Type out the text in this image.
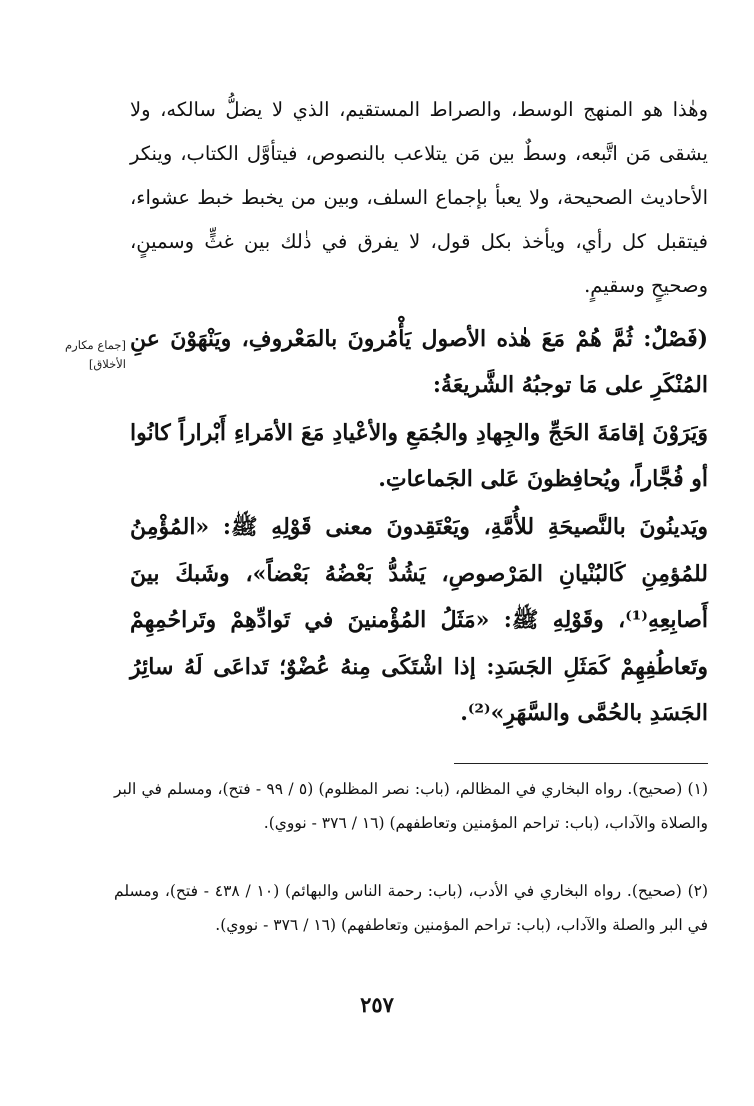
وهٰذا هو المنهج الوسط، والصراط المستقيم، الذي لا يضلُّ سالكه، ولا يشقى مَن اتَّبعه، وسطٌ بين مَن يتلاعب بالنصوص، فيتأوَّل الكتاب، وينكر الأحاديث الصحيحة، ولا يعبأ بإجماع السلف، وبين من يخبط خبط عشواء، فيتقبل كل رأي، ويأخذ بكل قول، لا يفرق في ذٰلك بين غثٍّ وسمينٍ، وصحيحٍ وسقيمٍ.
[جماع مكارم الأخلاق]
(فَصْلٌ: ثُمَّ هُمْ مَعَ هٰذه الأصول يَأْمُرونَ بالمَعْروفِ، ويَنْهَوْنَ عنِ المُنْكَرِ على مَا توجبُهُ الشَّريعَةُ:
وَيَرَوْنَ إقامَةَ الحَجِّ والجِهادِ والجُمَعِ والأعْيادِ مَعَ الأمَراءِ أَبْراراً كانُوا أو فُجَّاراً، ويُحافِظونَ عَلى الجَماعاتِ.
ويَدينُونَ بالنَّصيحَةِ للأُمَّةِ، ويَعْتَقِدونَ معنى قَوْلِهِ ﷺ: «المُؤْمِنُ للمُؤمِنِ كَالبُنْيانِ المَرْصوصِ، يَشُدُّ بَعْضُهُ بَعْضاً»، وشَبكَ بينَ أَصابِعِهِ⁽¹⁾، وقَوْلِهِ ﷺ: «مَثَلُ المُؤْمنينَ في تَوادِّهِمْ وتَراحُمِهِمْ وتَعاطُفِهِمْ كَمَثَلِ الجَسَدِ: إذا اشْتَكَى مِنهُ عُضْوٌ؛ تَداعَى لَهُ سائِرُ الجَسَدِ بالحُمَّى والسَّهَرِ»⁽²⁾.
(١) (صحيح). رواه البخاري في المظالم، (باب: نصر المظلوم) (٥ / ٩٩ - فتح)، ومسلم في البر والصلاة والآداب، (باب: تراحم المؤمنين وتعاطفهم) (١٦ / ٣٧٦ - نووي).
(٢) (صحيح). رواه البخاري في الأدب، (باب: رحمة الناس والبهائم) (١٠ / ٤٣٨ - فتح)، ومسلم في البر والصلة والآداب، (باب: تراحم المؤمنين وتعاطفهم) (١٦ / ٣٧٦ - نووي).
٢٥٧
